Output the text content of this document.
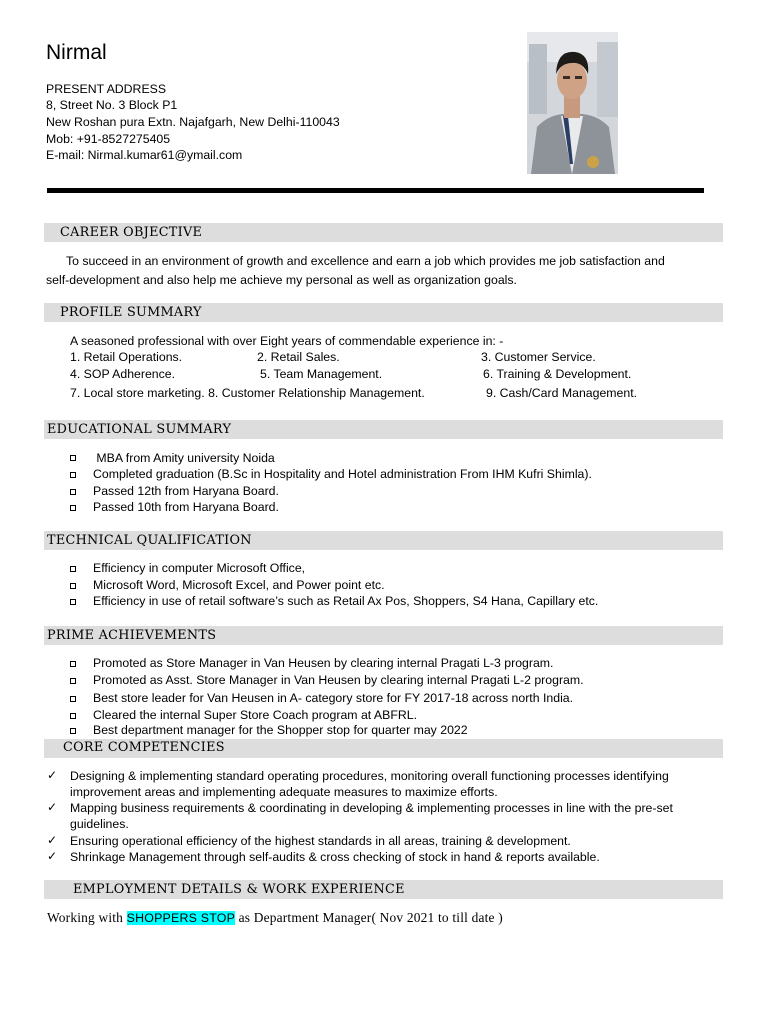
Nirmal
PRESENT ADDRESS
8, Street No. 3 Block P1
New Roshan pura Extn. Najafgarh, New Delhi-110043
Mob: +91-8527275405
E-mail: Nirmal.kumar61@ymail.com
CAREER OBJECTIVE
To succeed in an environment of growth and excellence and earn a job which provides me job satisfaction and
self-development and also help me achieve my personal as well as organization goals.
PROFILE SUMMARY
A seasoned professional with over Eight years of commendable experience in: -
1. Retail Operations.	2. Retail Sales.	3. Customer Service.
4. SOP Adherence.	5. Team Management.	6. Training & Development.
7. Local store marketing. 8. Customer Relationship Management.	9. Cash/Card Management.
EDUCATIONAL SUMMARY
MBA from Amity university Noida
Completed graduation (B.Sc in Hospitality and Hotel administration From IHM Kufri Shimla).
Passed 12th from Haryana Board.
Passed 10th from Haryana Board.
TECHNICAL QUALIFICATION
Efficiency in computer Microsoft Office,
Microsoft Word, Microsoft Excel, and Power point etc.
Efficiency in use of retail software’s such as Retail Ax Pos, Shoppers, S4 Hana, Capillary etc.
PRIME ACHIEVEMENTS
Promoted as Store Manager in Van Heusen by clearing internal Pragati L-3 program.
Promoted as Asst. Store Manager in Van Heusen by clearing internal Pragati L-2 program.
Best store leader for Van Heusen in A- category store for FY 2017-18 across north India.
Cleared the internal Super Store Coach program at ABFRL.
Best department manager for the Shopper stop for quarter may 2022
CORE COMPETENCIES
✓ Designing & implementing standard operating procedures, monitoring overall functioning processes identifying
improvement areas and implementing adequate measures to maximize efforts.
✓ Mapping business requirements & coordinating in developing & implementing processes in line with the pre-set
guidelines.
✓ Ensuring operational efficiency of the highest standards in all areas, training & development.
✓ Shrinkage Management through self-audits & cross checking of stock in hand & reports available.
EMPLOYMENT DETAILS & WORK EXPERIENCE
Working with SHOPPERS STOP as Department Manager( Nov 2021 to till date )
